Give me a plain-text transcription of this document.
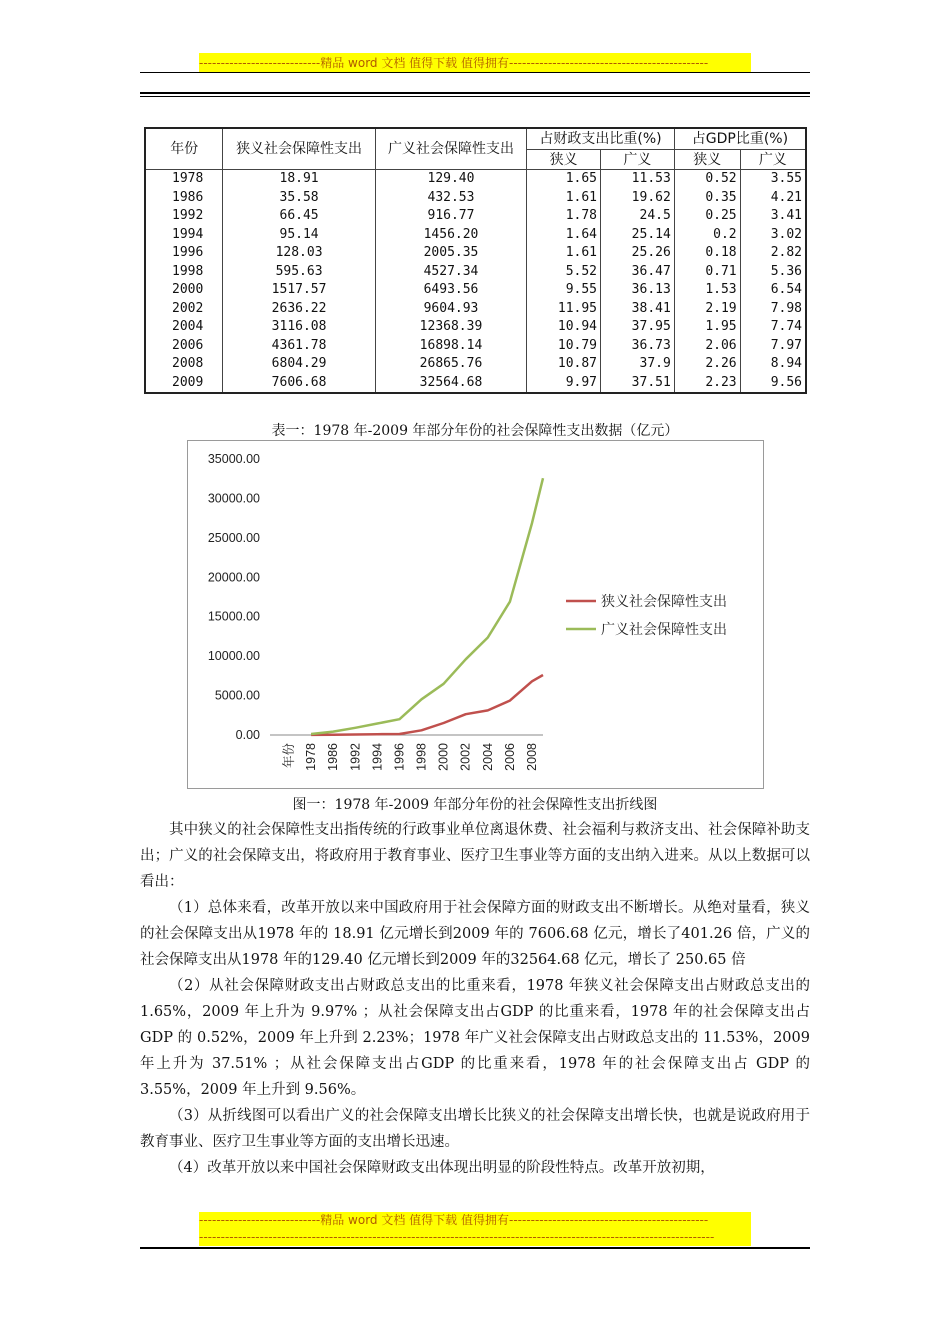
----------------------------精品 word 文档 值得下载 值得拥有----------------------------------------------
年份	狭义社会保障性支出	广义社会保障性支出	占财政支出比重(%)		占GDP比重(%)	
			狭义	广义	狭义	广义
1978	18.91	129.40	1.65	11.53	0.52	3.55
1986	35.58	432.53	1.61	19.62	0.35	4.21
1992	66.45	916.77	1.78	24.5	0.25	3.41
1994	95.14	1456.20	1.64	25.14	0.2	3.02
1996	128.03	2005.35	1.61	25.26	0.18	2.82
1998	595.63	4527.34	5.52	36.47	0.71	5.36
2000	1517.57	6493.56	9.55	36.13	1.53	6.54
2002	2636.22	9604.93	11.95	38.41	2.19	7.98
2004	3116.08	12368.39	10.94	37.95	1.95	7.74
2006	4361.78	16898.14	10.79	36.73	2.06	7.97
2008	6804.29	26865.76	10.87	37.9	2.26	8.94
2009	7606.68	32564.68	9.97	37.51	2.23	9.56
表一：1978 年-2009 年部分年份的社会保障性支出数据（亿元）
0.00
5000.00
10000.00
15000.00
20000.00
25000.00
30000.00
35000.00
年份 1978 1986 1992 1994 1996 1998 2000 2002 2004 2006 2008
狭义社会保障性支出
广义社会保障性支出
图一：1978 年-2009 年部分年份的社会保障性支出折线图

其中狭义的社会保障性支出指传统的行政事业单位离退休费、社会福利与救济支出、社会保障补助支出；广义的社会保障支出，将政府用于教育事业、医疗卫生事业等方面的支出纳入进来。从以上数据可以看出：

（1）总体来看，改革开放以来中国政府用于社会保障方面的财政支出不断增长。从绝对量看，狭义的社会保障支出从1978 年的 18.91 亿元增长到2009 年的 7606.68 亿元，增长了401.26 倍，广义的社会保障支出从1978 年的129.40 亿元增长到2009 年的32564.68 亿元，增长了 250.65 倍

（2）从社会保障财政支出占财政总支出的比重来看，1978 年狭义社会保障支出占财政总支出的 1.65%，2009 年上升为 9.97% ；从社会保障支出占GDP 的比重来看，1978 年的社会保障支出占 GDP 的 0.52%，2009 年上升到 2.23%；1978 年广义社会保障支出占财政总支出的 11.53%，2009 年上升为 37.51% ；从社会保障支出占GDP 的比重来看，1978 年的社会保障支出占 GDP 的 3.55%，2009 年上升到 9.56%。

（3）从折线图可以看出广义的社会保障支出增长比狭义的社会保障支出增长快，也就是说政府用于教育事业、医疗卫生事业等方面的支出增长迅速。

（4）改革开放以来中国社会保障财政支出体现出明显的阶段性特点。改革开放初期，

----------------------------精品 word 文档 值得下载 值得拥有----------------------------------------------
-----------------------------------------------------------------------------------------------------------------------
